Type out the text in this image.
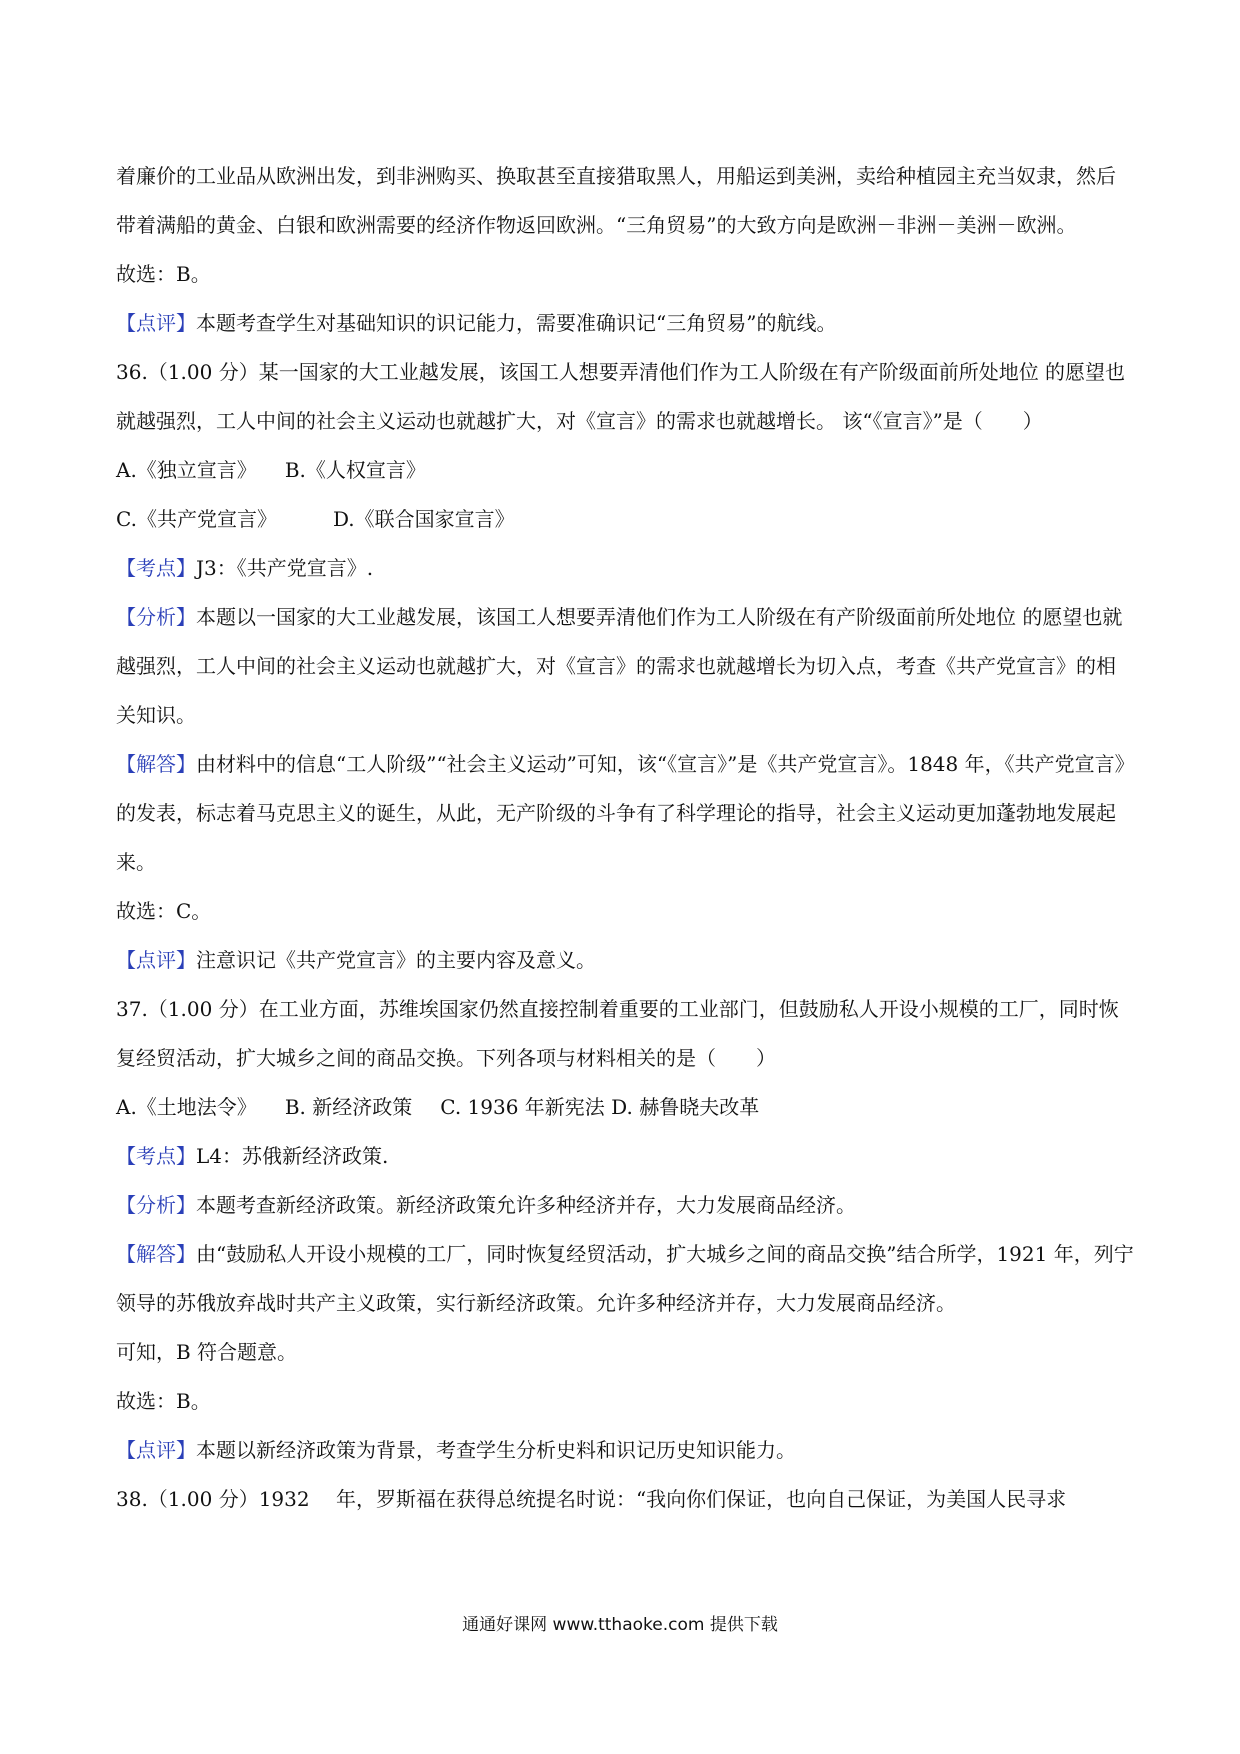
着廉价的工业品从欧洲出发，到非洲购买、换取甚至直接猎取黑人，用船运到美洲，卖给种植园主充当奴隶，然后带着满船的黄金、白银和欧洲需要的经济作物返回欧洲。“三角贸易”的大致方向是欧洲－非洲－美洲－欧洲。

故选：B。

【点评】本题考查学生对基础知识的识记能力，需要准确识记“三角贸易”的航线。

36.（1.00 分）某一国家的大工业越发展，该国工人想要弄清他们作为工人阶级在有产阶级面前所处地位 的愿望也就越强烈，工人中间的社会主义运动也就越扩大，对《宣言》的需求也就越增长。 该“《宣言》”是（　　）

A.《独立宣言》 B.《人权宣言》

C.《共产党宣言》	D.《联合国家宣言》

【考点】J3：《共产党宣言》.

【分析】本题以一国家的大工业越发展，该国工人想要弄清他们作为工人阶级在有产阶级面前所处地位 的愿望也就越强烈，工人中间的社会主义运动也就越扩大，对《宣言》的需求也就越增长为切入点，考查《共产党宣言》的相关知识。

【解答】由材料中的信息“工人阶级”“社会主义运动”可知，该“《宣言》”是《共产党宣言》。1848 年，《共产党宣言》的发表，标志着马克思主义的诞生，从此，无产阶级的斗争有了科学理论的指导，社会主义运动更加蓬勃地发展起来。

故选：C。

【点评】注意识记《共产党宣言》的主要内容及意义。

37.（1.00 分）在工业方面，苏维埃国家仍然直接控制着重要的工业部门，但鼓励私人开设小规模的工厂，同时恢复经贸活动，扩大城乡之间的商品交换。下列各项与材料相关的是（　　）

A.《土地法令》 B. 新经济政策 C. 1936 年新宪法 D. 赫鲁晓夫改革

【考点】L4：苏俄新经济政策.

【分析】本题考查新经济政策。新经济政策允许多种经济并存，大力发展商品经济。

【解答】由“鼓励私人开设小规模的工厂，同时恢复经贸活动，扩大城乡之间的商品交换”结合所学，1921 年，列宁领导的苏俄放弃战时共产主义政策，实行新经济政策。允许多种经济并存，大力发展商品经济。

可知，B 符合题意。

故选：B。

【点评】本题以新经济政策为背景，考查学生分析史料和识记历史知识能力。

38.（1.00 分）1932　 年，罗斯福在获得总统提名时说：“我向你们保证，也向自己保证，为美国人民寻求

通通好课网 www.tthaoke.com 提供下载
